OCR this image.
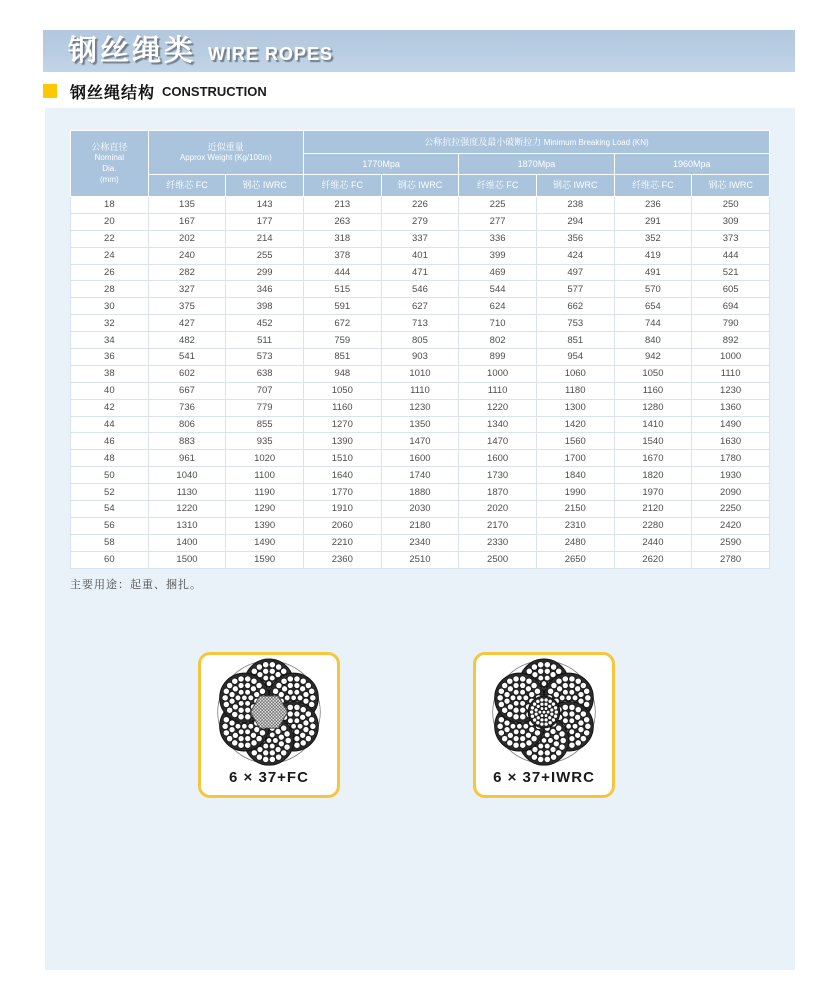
钢丝绳类 WIRE ROPES
钢丝绳结构 CONSTRUCTION
公称直径
Nominal
Dia.
(mm)

近似重量
Approx Weight (Kg/100m)
	公称抗拉强度及最小破断拉力 Minimum Breaking Load (KN)
			1770Mpa		1870Mpa		1960Mpa	
	纤维芯 FC	钢芯 IWRC	纤维芯 FC	钢芯 IWRC	纤维芯 FC	钢芯 IWRC	纤维芯 FC	钢芯 IWRC
18	135	143	213	226	225	238	236	250
20	167	177	263	279	277	294	291	309
22	202	214	318	337	336	356	352	373
24	240	255	378	401	399	424	419	444
26	282	299	444	471	469	497	491	521
28	327	346	515	546	544	577	570	605
30	375	398	591	627	624	662	654	694
32	427	452	672	713	710	753	744	790
34	482	511	759	805	802	851	840	892
36	541	573	851	903	899	954	942	1000
38	602	638	948	1010	1000	1060	1050	1110
40	667	707	1050	1110	1110	1180	1160	1230
42	736	779	1160	1230	1220	1300	1280	1360
44	806	855	1270	1350	1340	1420	1410	1490
46	883	935	1390	1470	1470	1560	1540	1630
48	961	1020	1510	1600	1600	1700	1670	1780
50	1040	1100	1640	1740	1730	1840	1820	1930
52	1130	1190	1770	1880	1870	1990	1970	2090
54	1220	1290	1910	2030	2020	2150	2120	2250
56	1310	1390	2060	2180	2170	2310	2280	2420
58	1400	1490	2210	2340	2330	2480	2440	2590
60	1500	1590	2360	2510	2500	2650	2620	2780
主要用途：起重、捆扎。
6 × 37+FC	6 × 37+IWRC
